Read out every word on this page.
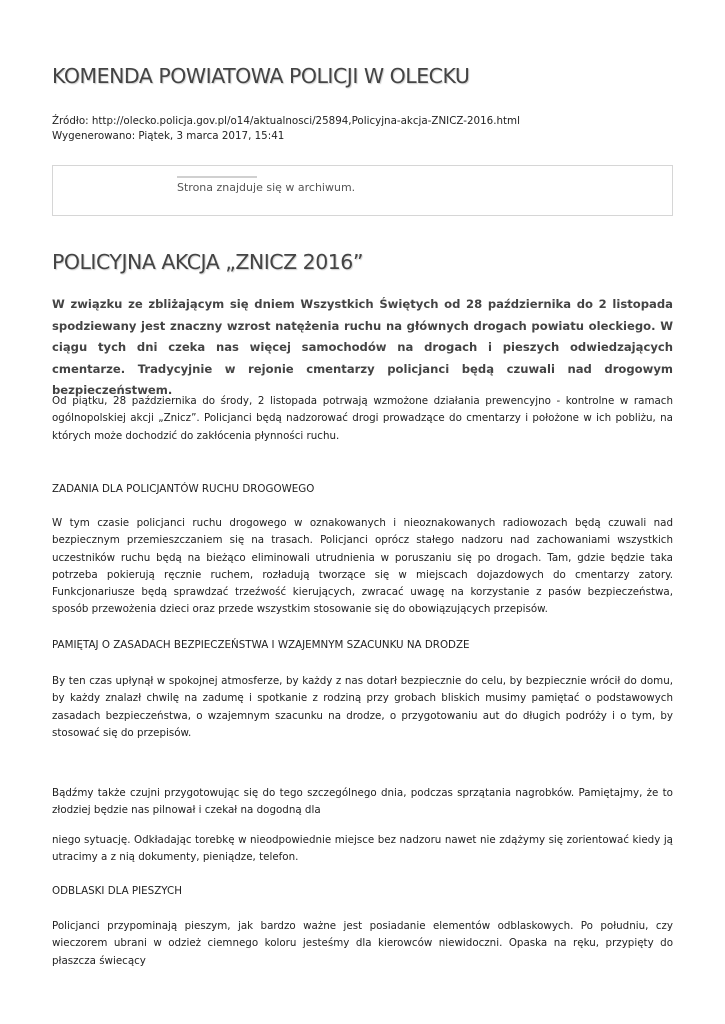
KOMENDA POWIATOWA POLICJI W OLECKU
Źródło: http://olecko.policja.gov.pl/o14/aktualnosci/25894,Policyjna-akcja-ZNICZ-2016.html
Wygenerowano: Piątek, 3 marca 2017, 15:41
Strona znajduje się w archiwum.
POLICYJNA AKCJA „ZNICZ 2016”

W związku ze zbliżającym się dniem Wszystkich Świętych od 28 października do 2 listopada spodziewany jest znaczny wzrost natężenia ruchu na głównych drogach powiatu oleckiego. W ciągu tych dni czeka nas więcej samochodów na drogach i pieszych odwiedzających cmentarze. Tradycyjnie w rejonie cmentarzy policjanci będą czuwali nad drogowym bezpieczeństwem.

Od piątku, 28 października do środy, 2 listopada potrwają wzmożone działania prewencyjno - kontrolne w ramach ogólnopolskiej akcji „Znicz”. Policjanci będą nadzorować drogi prowadzące do cmentarzy i położone w ich pobliżu, na których może dochodzić do zakłócenia płynności ruchu.

ZADANIA DLA POLICJANTÓW RUCHU DROGOWEGO

W tym czasie policjanci ruchu drogowego w oznakowanych i nieoznakowanych radiowozach będą czuwali nad bezpiecznym przemieszczaniem się na trasach. Policjanci oprócz stałego nadzoru nad zachowaniami wszystkich uczestników ruchu będą na bieżąco eliminowali utrudnienia w poruszaniu się po drogach. Tam, gdzie będzie taka potrzeba pokierują ręcznie ruchem, rozładują tworzące się w miejscach dojazdowych do cmentarzy zatory. Funkcjonariusze będą sprawdzać trzeźwość kierujących, zwracać uwagę na korzystanie z pasów bezpieczeństwa, sposób przewożenia dzieci oraz przede wszystkim stosowanie się do obowiązujących przepisów.

PAMIĘTAJ O ZASADACH BEZPIECZEŃSTWA I WZAJEMNYM SZACUNKU NA DRODZE

By ten czas upłynął w spokojnej atmosferze, by każdy z nas dotarł bezpiecznie do celu, by bezpiecznie wrócił do domu, by każdy znalazł chwilę na zadumę i spotkanie z rodziną przy grobach bliskich musimy pamiętać o podstawowych zasadach bezpieczeństwa, o wzajemnym szacunku na drodze, o przygotowaniu aut do długich podróży i o tym, by stosować się do przepisów.

Bądźmy także czujni przygotowując się do tego szczególnego dnia, podczas sprzątania nagrobków. Pamiętajmy, że to złodziej będzie nas pilnował i czekał na dogodną dla

niego sytuację. Odkładając torebkę w nieodpowiednie miejsce bez nadzoru nawet nie zdążymy się zorientować kiedy ją utracimy a z nią dokumenty, pieniądze, telefon.

ODBLASKI DLA PIESZYCH

Policjanci przypominają pieszym, jak bardzo ważne jest posiadanie elementów odblaskowych. Po południu, czy wieczorem ubrani w odzież ciemnego koloru jesteśmy dla kierowców niewidoczni. Opaska na ręku, przypięty do płaszcza świecący
